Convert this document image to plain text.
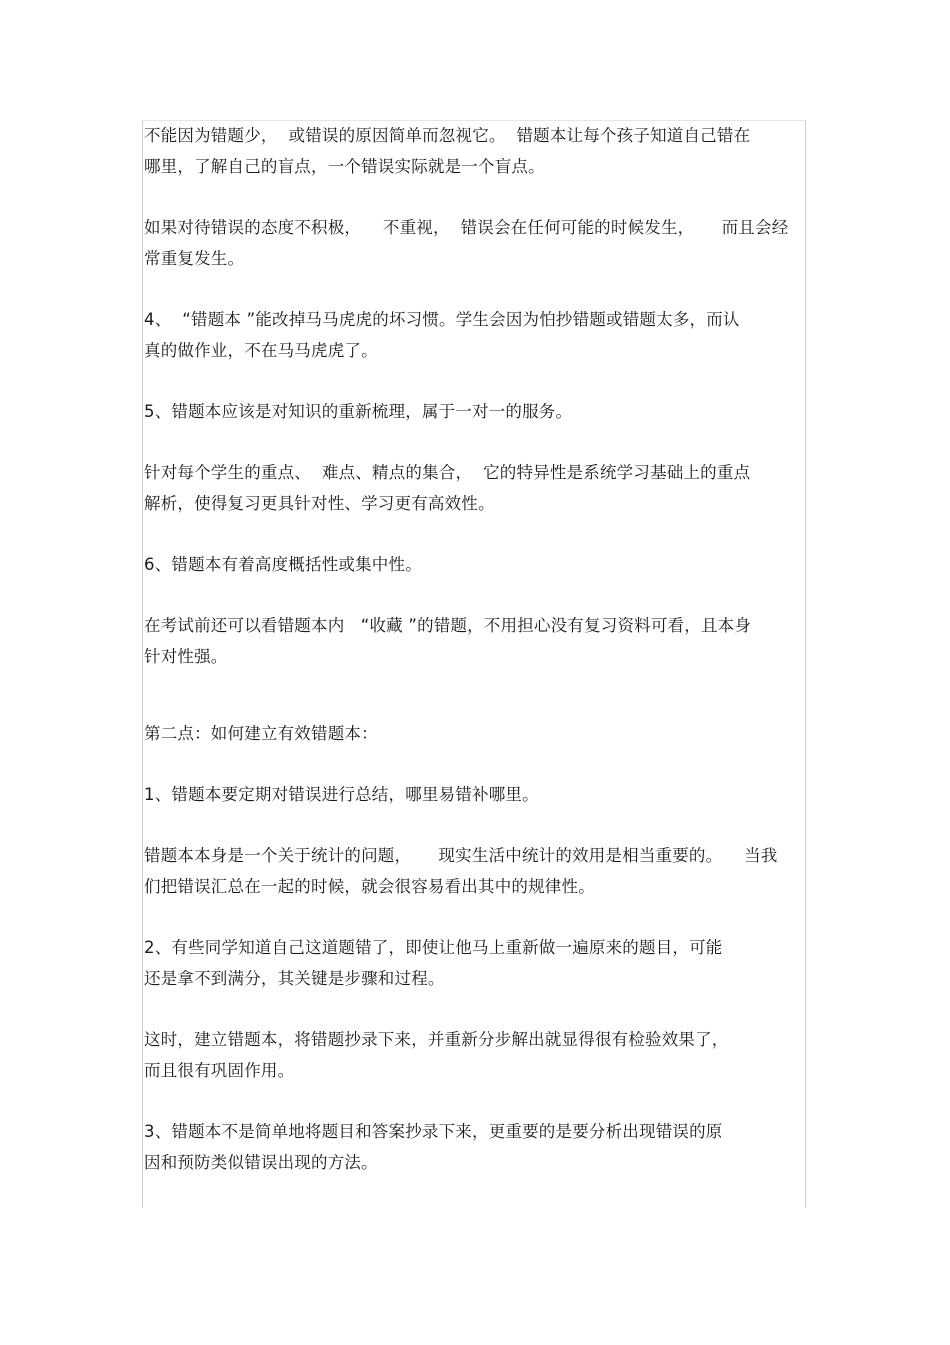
不能因为错题少，  或错误的原因简单而忽视它。  错题本让每个孩子知道自己错在
哪里，了解自己的盲点，一个错误实际就是一个盲点。
如果对待错误的态度不积极，    不重视，  错误会在任何可能的时候发生，     而且会经
常重复发生。
4、  “错题本 ”能改掉马马虎虎的坏习惯。学生会因为怕抄错题或错题太多，而认
真的做作业，不在马马虎虎了。
5、错题本应该是对知识的重新梳理，属于一对一的服务。
针对每个学生的重点、  难点、精点的集合，  它的特异性是系统学习基础上的重点
解析，使得复习更具针对性、学习更有高效性。
6、错题本有着高度概括性或集中性。
在考试前还可以看错题本内   “收藏 ”的错题，不用担心没有复习资料可看，且本身
针对性强。
第二点：如何建立有效错题本：
1、错题本要定期对错误进行总结，哪里易错补哪里。
错题本本身是一个关于统计的问题，     现实生活中统计的效用是相当重要的。    当我
们把错误汇总在一起的时候，就会很容易看出其中的规律性。
2、有些同学知道自己这道题错了，即使让他马上重新做一遍原来的题目，可能
还是拿不到满分，其关键是步骤和过程。
这时，建立错题本，将错题抄录下来，并重新分步解出就显得很有检验效果了，
而且很有巩固作用。
3、错题本不是简单地将题目和答案抄录下来，更重要的是要分析出现错误的原
因和预防类似错误出现的方法。
